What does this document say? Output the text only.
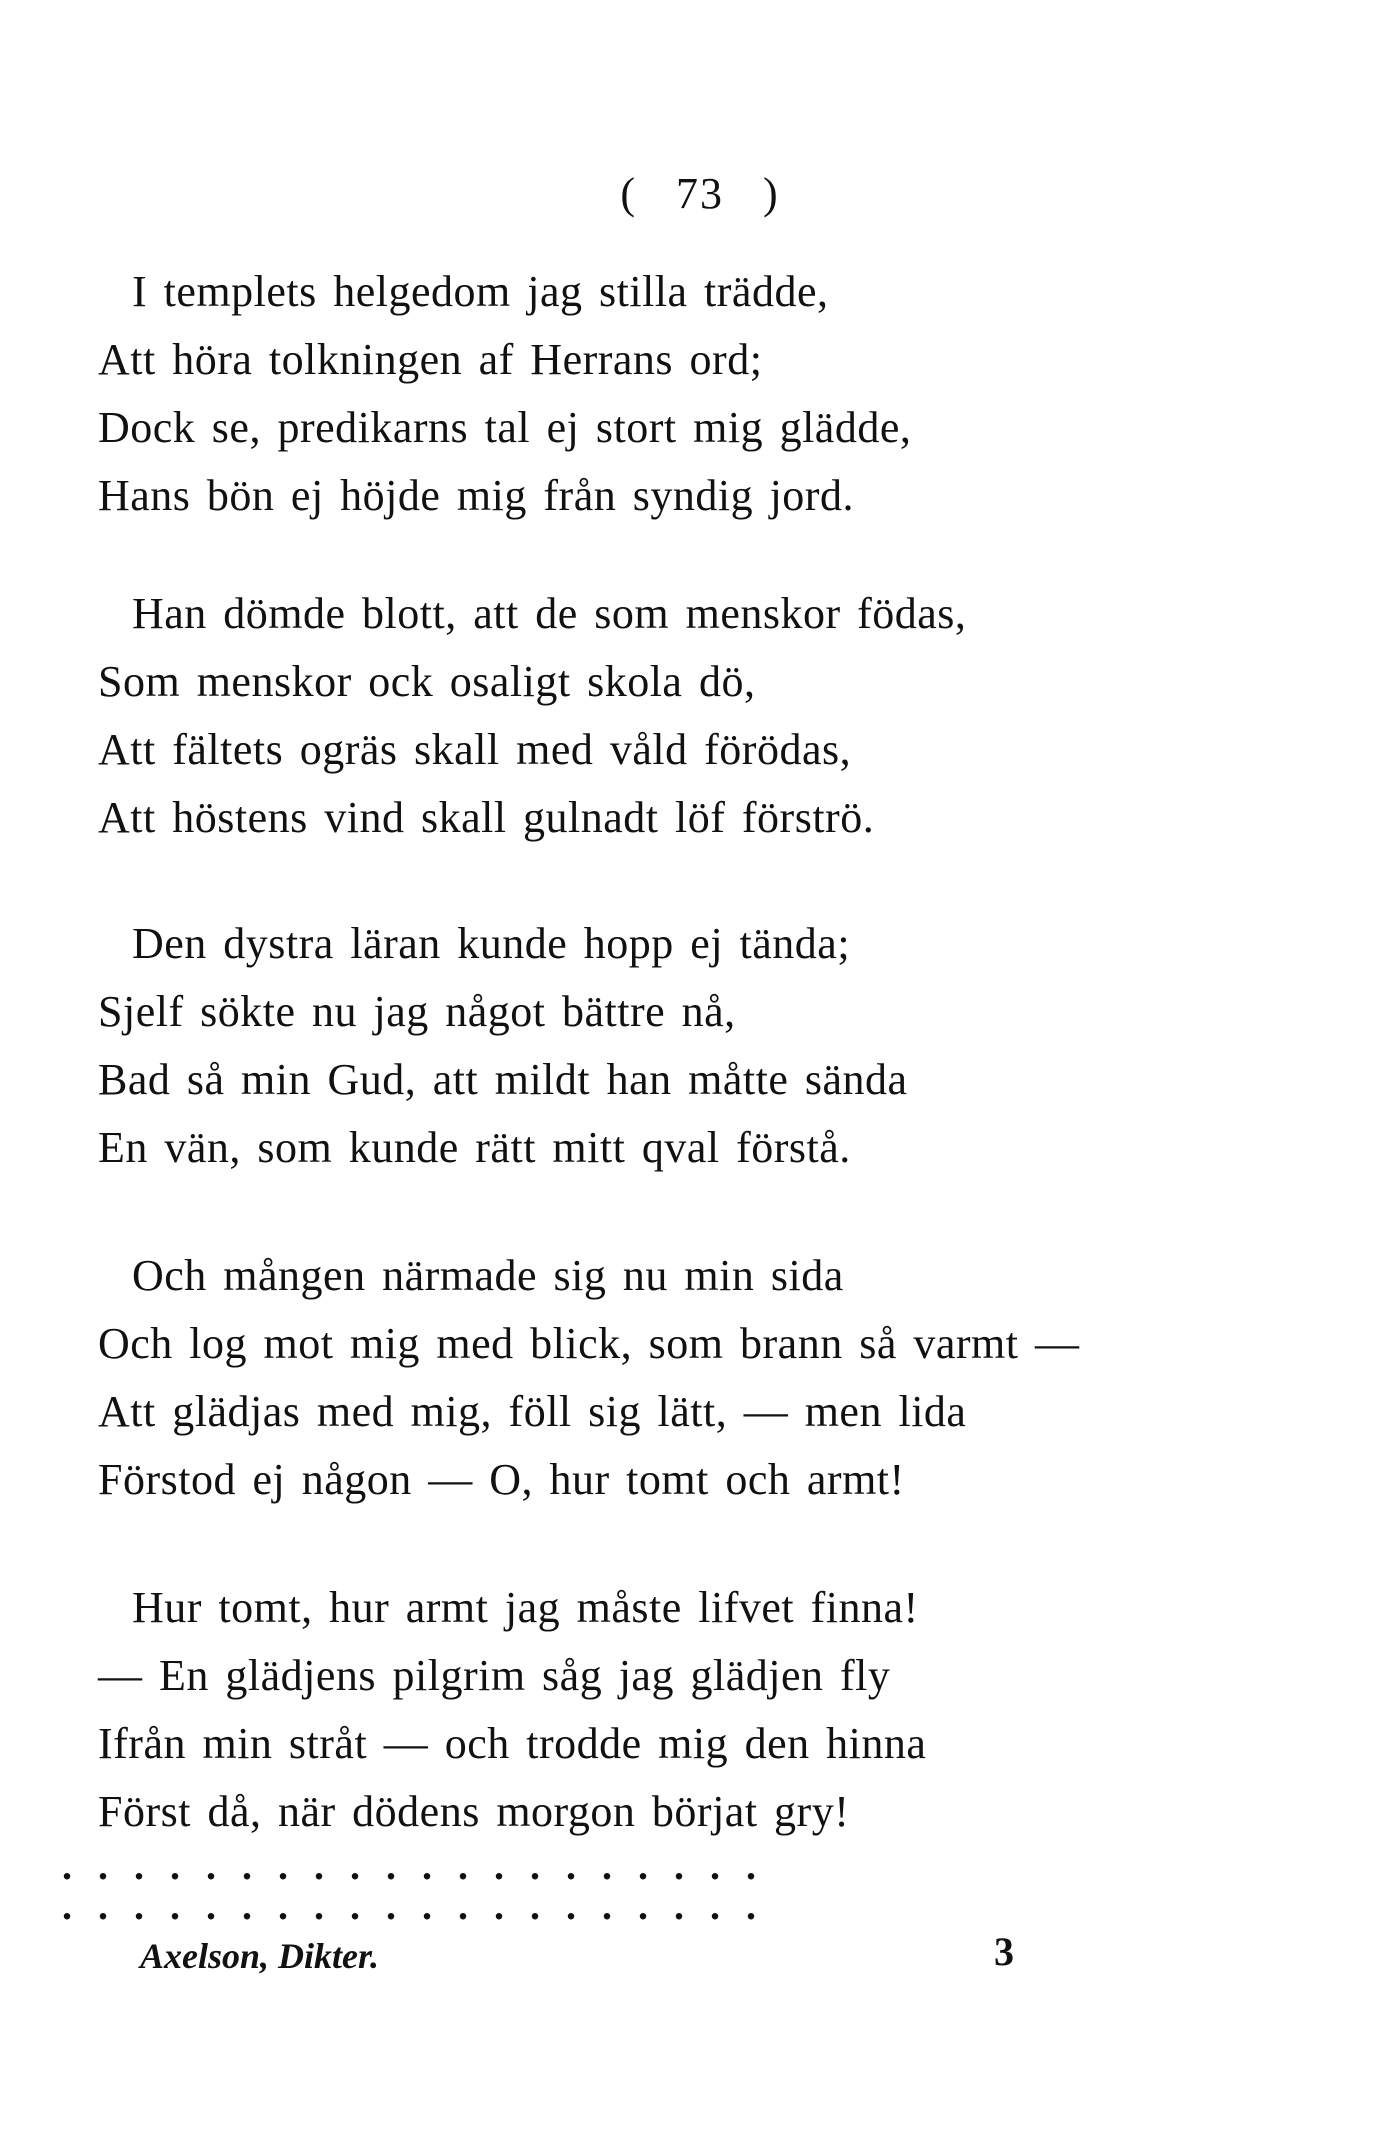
( 73 )
I templets helgedom jag stilla trädde,
Att höra tolkningen af Herrans ord;
Dock se, predikarns tal ej stort mig glädde,
Hans bön ej höjde mig från syndig jord.
Han dömde blott, att de som menskor födas,
Som menskor ock osaligt skola dö,
Att fältets ogräs skall med våld förödas,
Att höstens vind skall gulnadt löf förströ.
Den dystra läran kunde hopp ej tända;
Sjelf sökte nu jag något bättre nå,
Bad så min Gud, att mildt han måtte sända
En vän, som kunde rätt mitt qval förstå.
Och mången närmade sig nu min sida
Och log mot mig med blick, som brann så varmt —
Att glädjas med mig, föll sig lätt, — men lida
Förstod ej någon — O, hur tomt och armt!
Hur tomt, hur armt jag måste lifvet finna!
— En glädjens pilgrim såg jag glädjen fly
Ifrån min stråt — och trodde mig den hinna
Först då, när dödens morgon börjat gry!
. . . . . . . . . . . . . . . . . . . .
. . . . . . . . . . . . . . . . . . . .
Axelson, Dikter.	3
